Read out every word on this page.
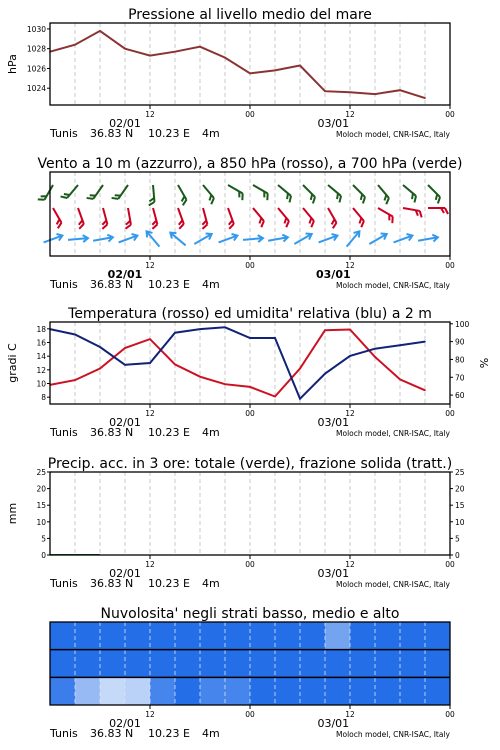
Pressione al livello medio del mare
1024
1026
1028
1030
hPa
12	00	12	00
02/01	03/01
Tunis 36.83 N 10.23 E 4m	Moloch model, CNR-ISAC, Italy
Vento a 10 m (azzurro), a 850 hPa (rosso), a 700 hPa (verde)
12	00	12	00
02/01	03/01
Tunis 36.83 N 10.23 E 4m	Moloch model, CNR-ISAC, Italy
Temperatura (rosso) ed umidita' relativa (blu) a 2 m
8
10
12
14
16
18
60
70
80
90
100
gradi C	%
12	00	12	00
02/01	03/01
Tunis 36.83 N 10.23 E 4m	Moloch model, CNR-ISAC, Italy
Precip. acc. in 3 ore: totale (verde), frazione solida (tratt.)
0
5
10
15
20
25
0
5
10
15
20
25
mm
12	00	12	00
02/01	03/01
Tunis 36.83 N 10.23 E 4m	Moloch model, CNR-ISAC, Italy
Nuvolosita' negli strati basso, medio e alto
12	00	12	00
02/01	03/01
Tunis 36.83 N 10.23 E 4m	Moloch model, CNR-ISAC, Italy
